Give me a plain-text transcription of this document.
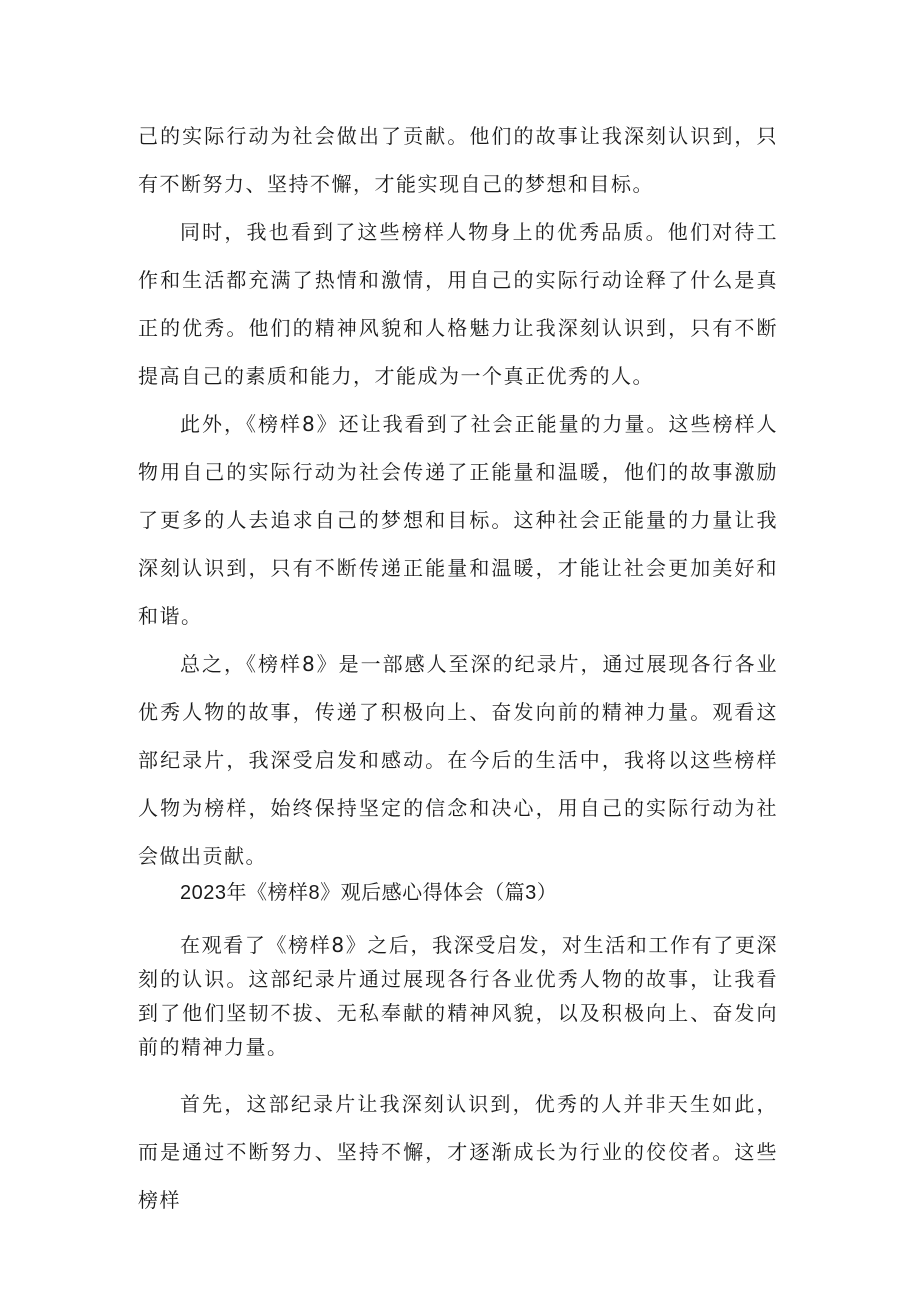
己的实际行动为社会做出了贡献。他们的故事让我深刻认识到，只有不断努力、坚持不懈，才能实现自己的梦想和目标。

同时，我也看到了这些榜样人物身上的优秀品质。他们对待工作和生活都充满了热情和激情，用自己的实际行动诠释了什么是真正的优秀。他们的精神风貌和人格魅力让我深刻认识到，只有不断提高自己的素质和能力，才能成为一个真正优秀的人。

此外，《榜样8》还让我看到了社会正能量的力量。这些榜样人物用自己的实际行动为社会传递了正能量和温暖，他们的故事激励了更多的人去追求自己的梦想和目标。这种社会正能量的力量让我深刻认识到，只有不断传递正能量和温暖，才能让社会更加美好和和谐。

总之，《榜样8》是一部感人至深的纪录片，通过展现各行各业优秀人物的故事，传递了积极向上、奋发向前的精神力量。观看这部纪录片，我深受启发和感动。在今后的生活中，我将以这些榜样人物为榜样，始终保持坚定的信念和决心，用自己的实际行动为社会做出贡献。

2023年《榜样8》观后感心得体会（篇3）

在观看了《榜样8》之后，我深受启发，对生活和工作有了更深刻的认识。这部纪录片通过展现各行各业优秀人物的故事，让我看到了他们坚韧不拔、无私奉献的精神风貌，以及积极向上、奋发向前的精神力量。

首先，这部纪录片让我深刻认识到，优秀的人并非天生如此，而是通过不断努力、坚持不懈，才逐渐成长为行业的佼佼者。这些榜样
